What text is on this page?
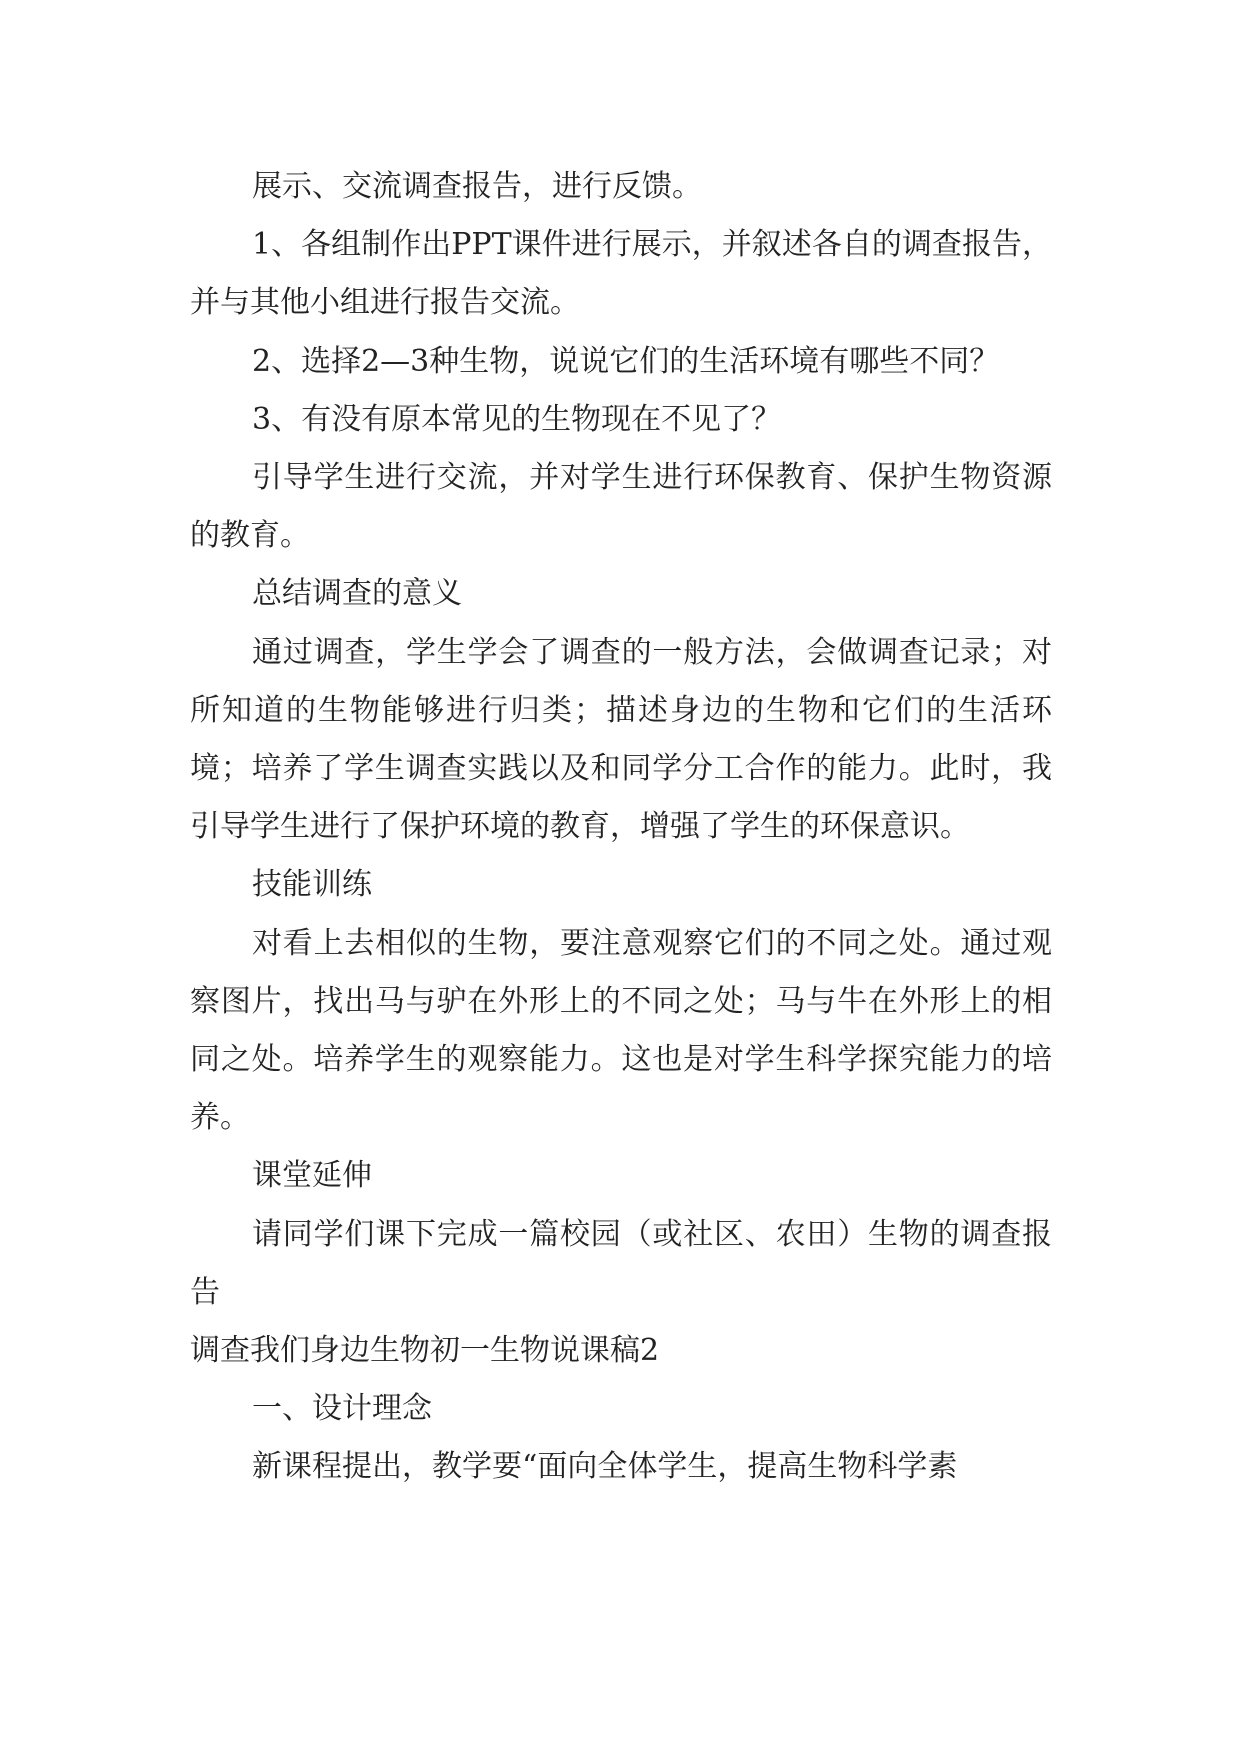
展示、交流调查报告，进行反馈。

1、各组制作出PPT课件进行展示，并叙述各自的调查报告，并与其他小组进行报告交流。

2、选择2—3种生物，说说它们的生活环境有哪些不同？

3、有没有原本常见的生物现在不见了？

引导学生进行交流，并对学生进行环保教育、保护生物资源的教育。

总结调查的意义

通过调查，学生学会了调查的一般方法，会做调查记录；对所知道的生物能够进行归类；描述身边的生物和它们的生活环境；培养了学生调查实践以及和同学分工合作的能力。此时，我引导学生进行了保护环境的教育，增强了学生的环保意识。

技能训练

对看上去相似的生物，要注意观察它们的不同之处。通过观察图片，找出马与驴在外形上的不同之处；马与牛在外形上的相同之处。培养学生的观察能力。这也是对学生科学探究能力的培养。

课堂延伸

请同学们课下完成一篇校园（或社区、农田）生物的调查报告

调查我们身边生物初一生物说课稿2

一、设计理念

新课程提出，教学要“面向全体学生，提高生物科学素
